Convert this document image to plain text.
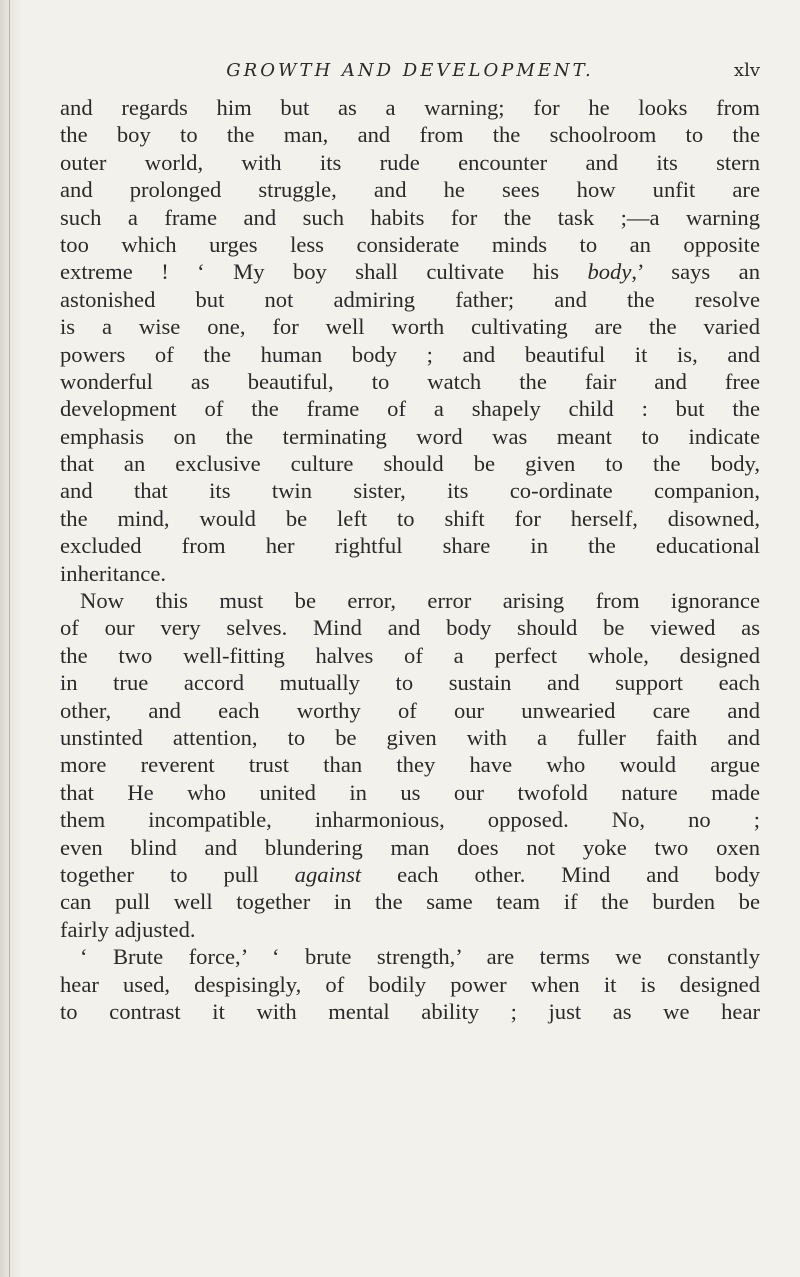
GROWTH AND DEVELOPMENT.	xlv
and regards him but as a warning; for he looks from
the boy to the man, and from the schoolroom to the
outer world, with its rude encounter and its stern
and prolonged struggle, and he sees how unfit are
such a frame and such habits for the task ;—a warning
too which urges less considerate minds to an opposite
extreme ! ‘ My boy shall cultivate his body,’ says an
astonished but not admiring father; and the resolve
is a wise one, for well worth cultivating are the varied
powers of the human body ; and beautiful it is, and
wonderful as beautiful, to watch the fair and free
development of the frame of a shapely child : but the
emphasis on the terminating word was meant to indicate
that an exclusive culture should be given to the body,
and that its twin sister, its co-ordinate companion,
the mind, would be left to shift for herself, disowned,
excluded from her rightful share in the educational
inheritance.
Now this must be error, error arising from ignorance
of our very selves. Mind and body should be viewed as
the two well-fitting halves of a perfect whole, designed
in true accord mutually to sustain and support each
other, and each worthy of our unwearied care and
unstinted attention, to be given with a fuller faith and
more reverent trust than they have who would argue
that He who united in us our twofold nature made
them incompatible, inharmonious, opposed. No, no ;
even blind and blundering man does not yoke two oxen
together to pull against each other. Mind and body
can pull well together in the same team if the burden be
fairly adjusted.
‘ Brute force,’ ‘ brute strength,’ are terms we constantly
hear used, despisingly, of bodily power when it is designed
to contrast it with mental ability ; just as we hear
